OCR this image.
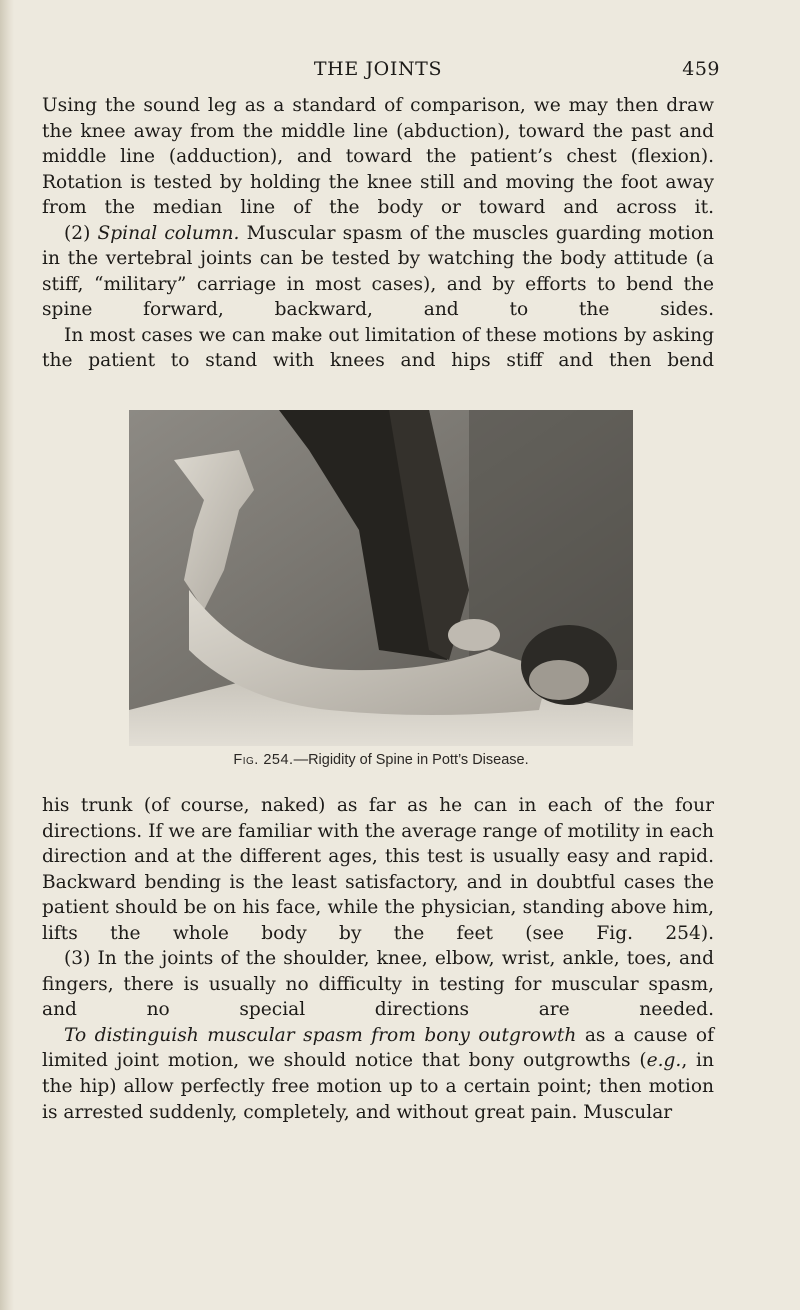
THE JOINTS	459

Using the sound leg as a standard of comparison, we may then draw the knee away from the middle line (abduction), toward the past and middle line (adduction), and toward the patient’s chest (flexion). Rotation is tested by holding the knee still and moving the foot away from the median line of the body or toward and across it.

(2) Spinal column. Muscular spasm of the muscles guarding motion in the vertebral joints can be tested by watching the body attitude (a stiff, “military” carriage in most cases), and by efforts to bend the spine forward, backward, and to the sides.

In most cases we can make out limitation of these motions by asking the patient to stand with knees and hips stiff and then bend

Fig. 254.—Rigidity of Spine in Pott’s Disease.

his trunk (of course, naked) as far as he can in each of the four directions. If we are familiar with the average range of motility in each direction and at the different ages, this test is usually easy and rapid. Backward bending is the least satisfactory, and in doubtful cases the patient should be on his face, while the physician, standing above him, lifts the whole body by the feet (see Fig. 254).

(3) In the joints of the shoulder, knee, elbow, wrist, ankle, toes, and fingers, there is usually no difficulty in testing for muscular spasm, and no special directions are needed.

To distinguish muscular spasm from bony outgrowth as a cause of limited joint motion, we should notice that bony outgrowths (e.g., in the hip) allow perfectly free motion up to a certain point; then motion is arrested suddenly, completely, and without great pain. Muscular
